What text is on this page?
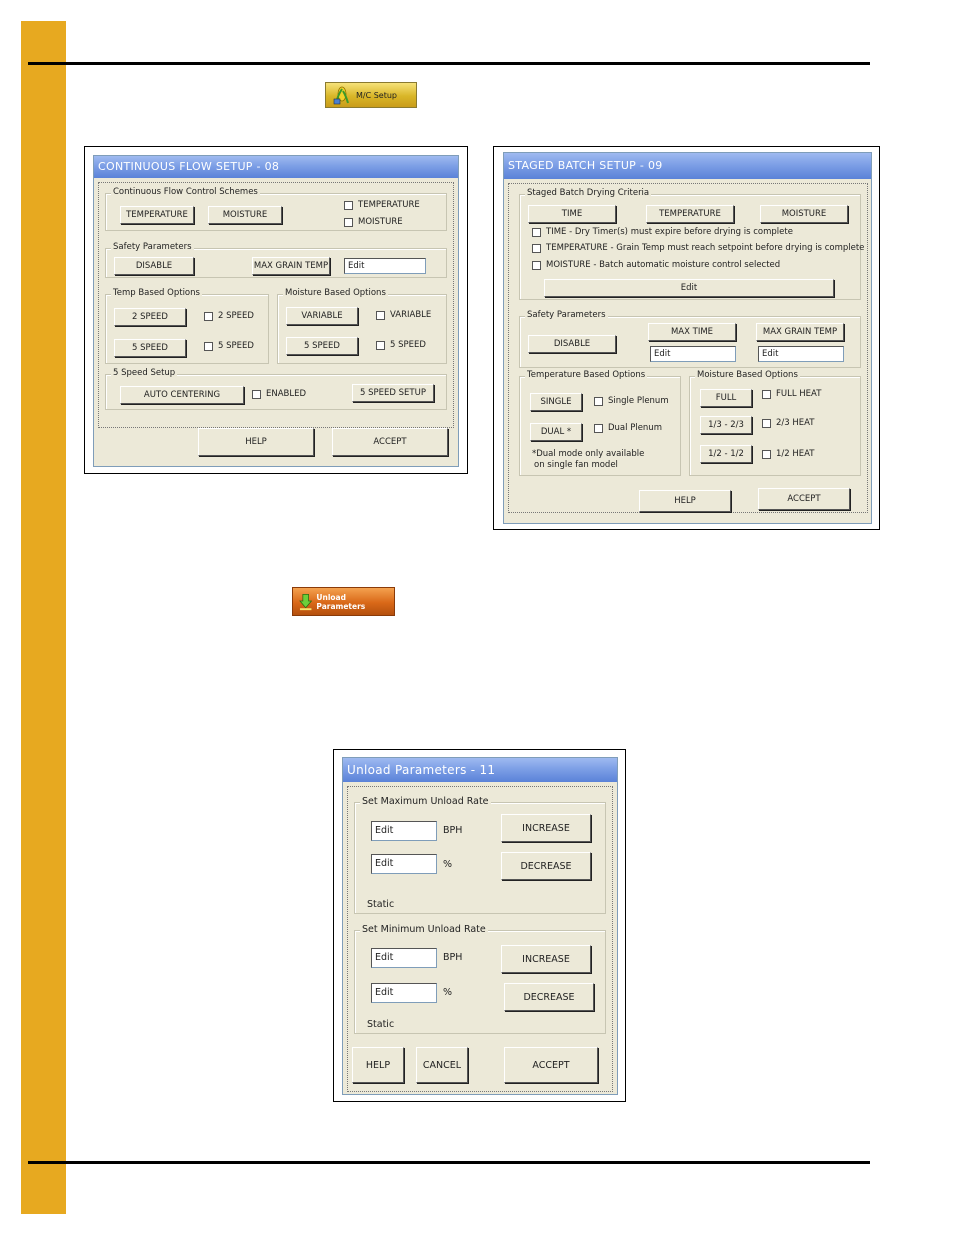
M/C Setup
CONTINUOUS FLOW SETUP - 08
Continuous Flow Control Schemes
TEMPERATURE	MOISTURE
TEMPERATURE
MOISTURE
Safety Parameters
DISABLE	MAX GRAIN TEMP	Edit
Temp Based Options
2 SPEED	2 SPEED
5 SPEED	5 SPEED
Moisture Based Options
VARIABLE	VARIABLE
5 SPEED	5 SPEED
5 Speed Setup
AUTO CENTERING	ENABLED	5 SPEED SETUP
HELP	ACCEPT
STAGED BATCH SETUP - 09
Staged Batch Drying Criteria
TIME	TEMPERATURE	MOISTURE
TIME - Dry Timer(s) must expire before drying is complete
TEMPERATURE - Grain Temp must reach setpoint before drying is complete
MOISTURE - Batch automatic moisture control selected
Edit
Safety Parameters
DISABLE
MAX TIME	MAX GRAIN TEMP
Edit	Edit
Temperature Based Options
SINGLE	Single Plenum
DUAL *	Dual Plenum
*Dual mode only available
on single fan model
Moisture Based Options
FULL	FULL HEAT
1/3 - 2/3	2/3 HEAT
1/2 - 1/2	1/2 HEAT
HELP	ACCEPT
Unload Parameters
Unload Parameters - 11
Set Maximum Unload Rate
Edit	BPH
Edit	%
INCREASE
DECREASE
Static
Set Minimum Unload Rate
Edit	BPH
Edit	%
INCREASE
DECREASE
Static
HELP	CANCEL	ACCEPT
